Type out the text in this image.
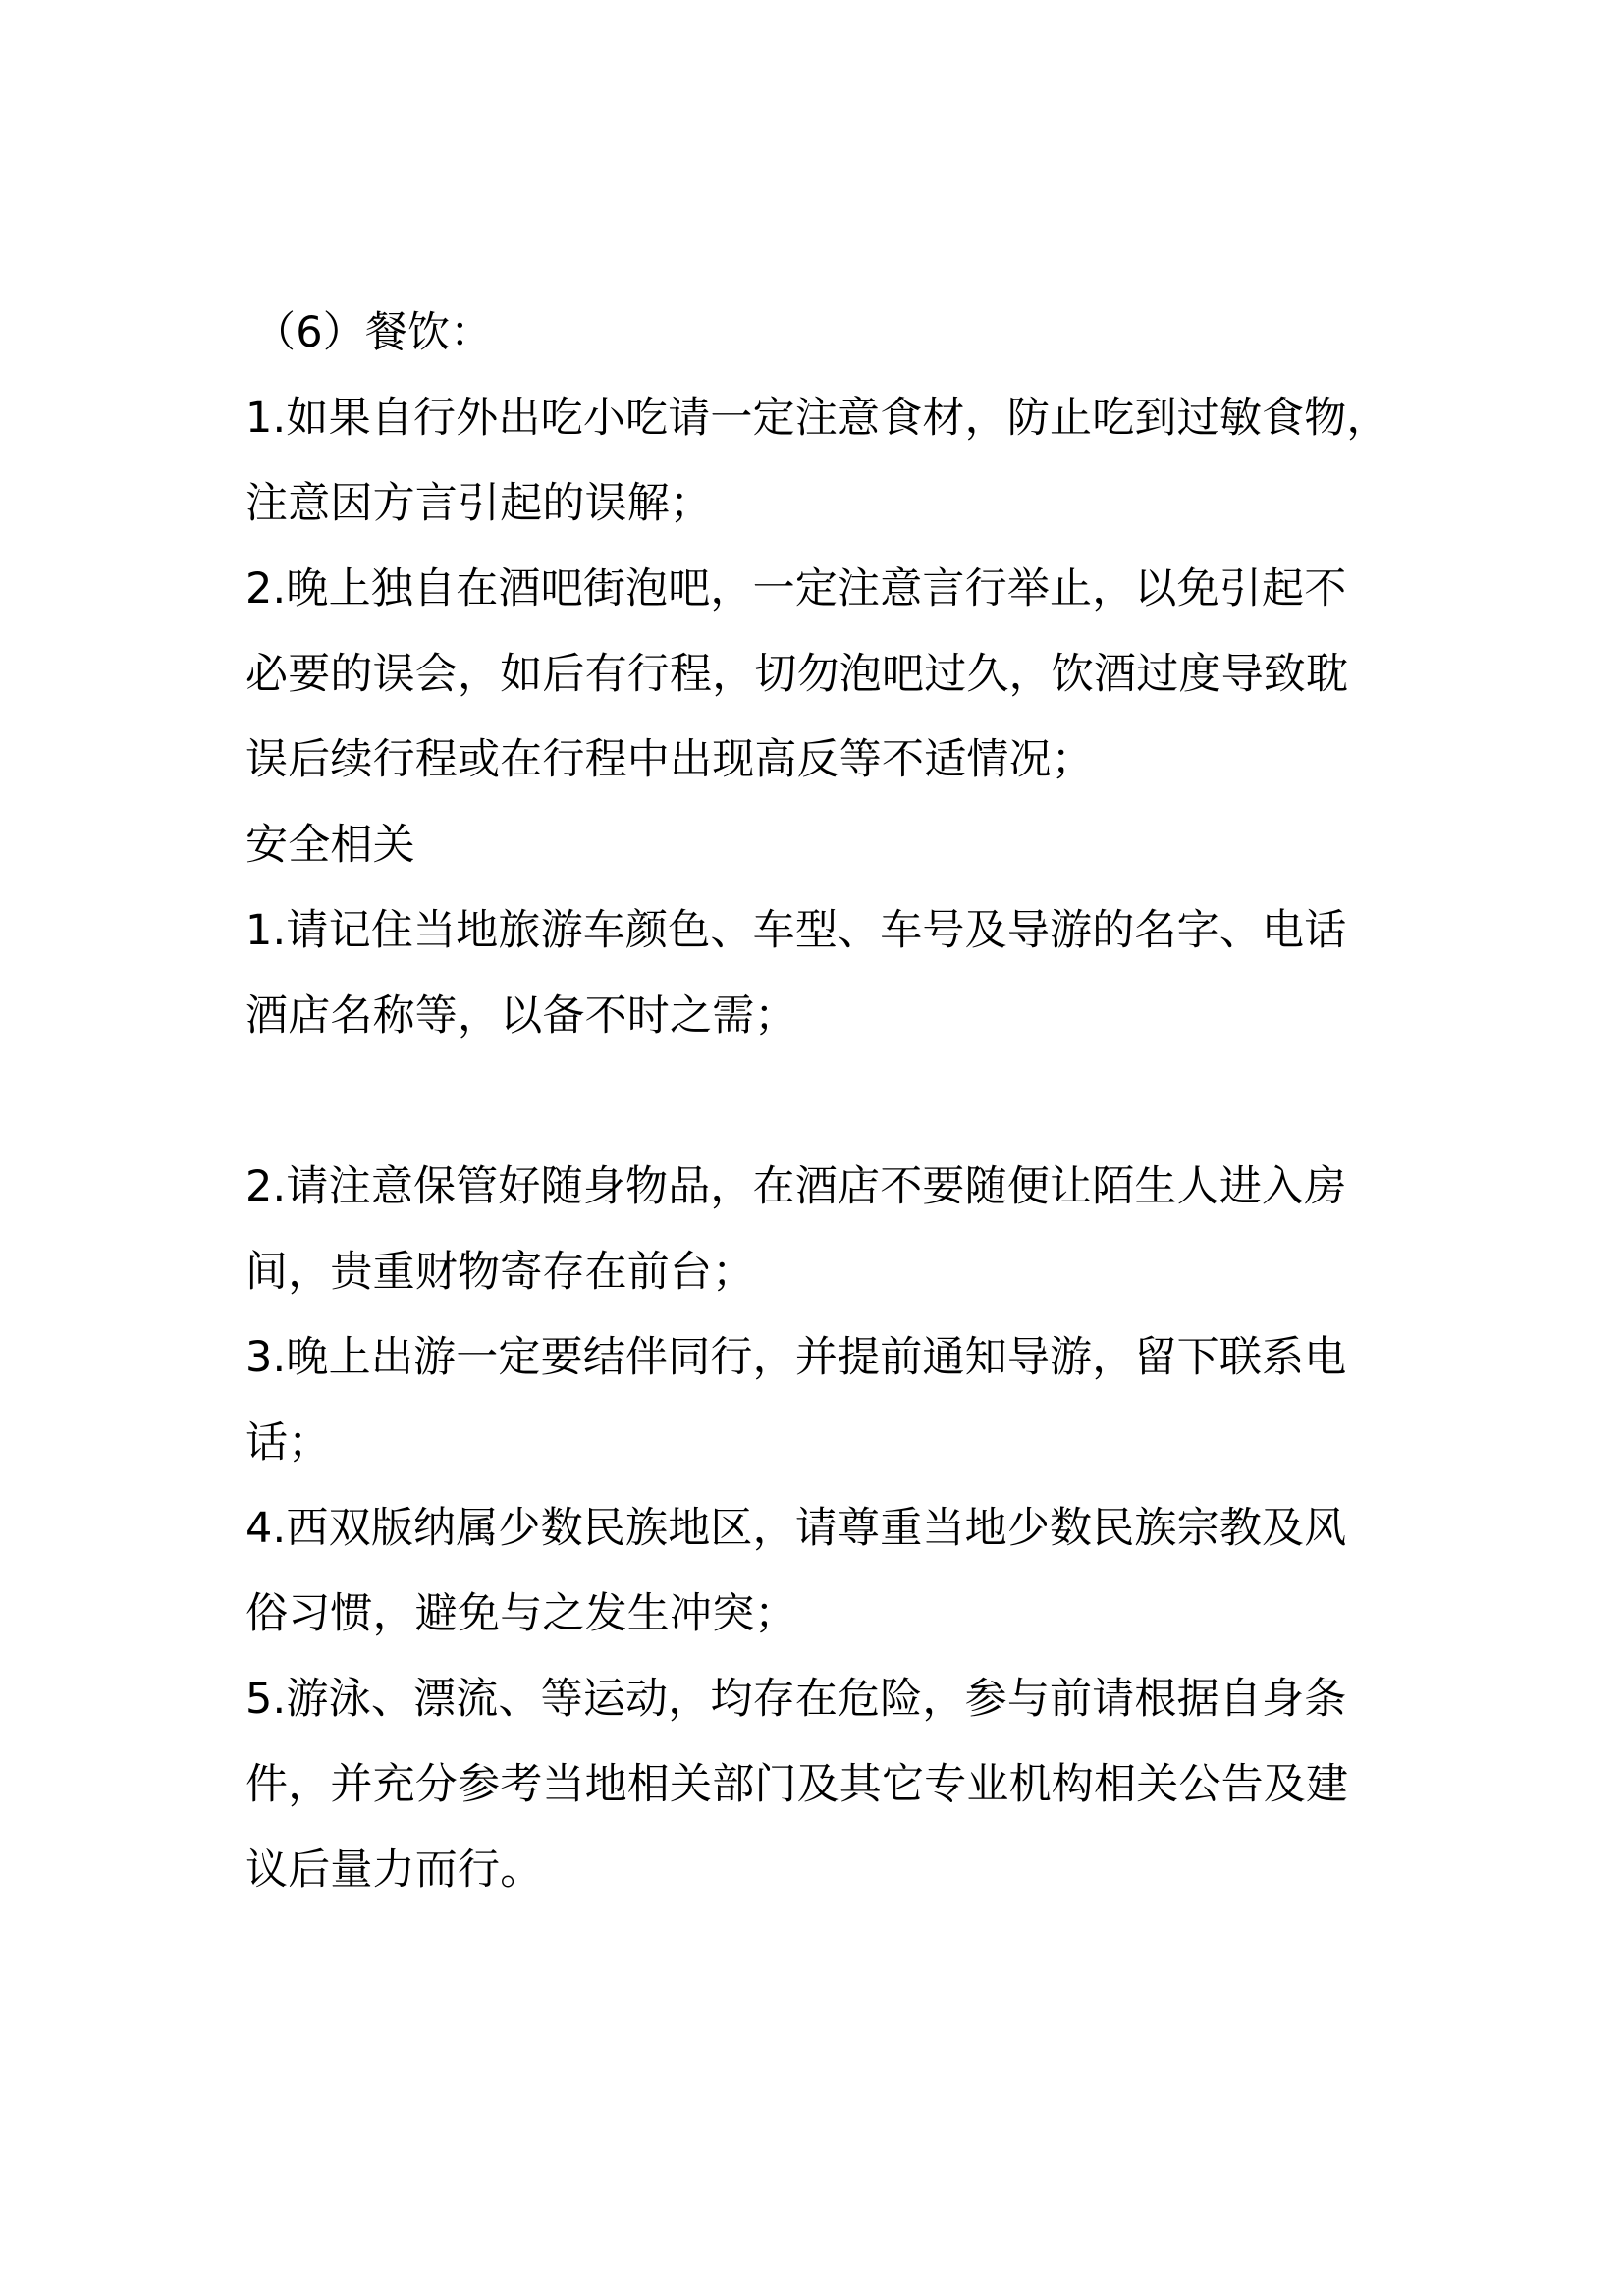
（6）餐饮：
1.如果自行外出吃小吃请一定注意食材，防止吃到过敏食物，
注意因方言引起的误解；
2.晚上独自在酒吧街泡吧，一定注意言行举止，以免引起不
必要的误会，如后有行程，切勿泡吧过久，饮酒过度导致耽
误后续行程或在行程中出现高反等不适情况；
安全相关
1.请记住当地旅游车颜色、车型、车号及导游的名字、电话
酒店名称等，以备不时之需；
2.请注意保管好随身物品，在酒店不要随便让陌生人进入房
间，贵重财物寄存在前台；
3.晚上出游一定要结伴同行，并提前通知导游，留下联系电
话；
4.西双版纳属少数民族地区，请尊重当地少数民族宗教及风
俗习惯，避免与之发生冲突；
5.游泳、漂流、等运动，均存在危险，参与前请根据自身条
件，并充分参考当地相关部门及其它专业机构相关公告及建
议后量力而行。
